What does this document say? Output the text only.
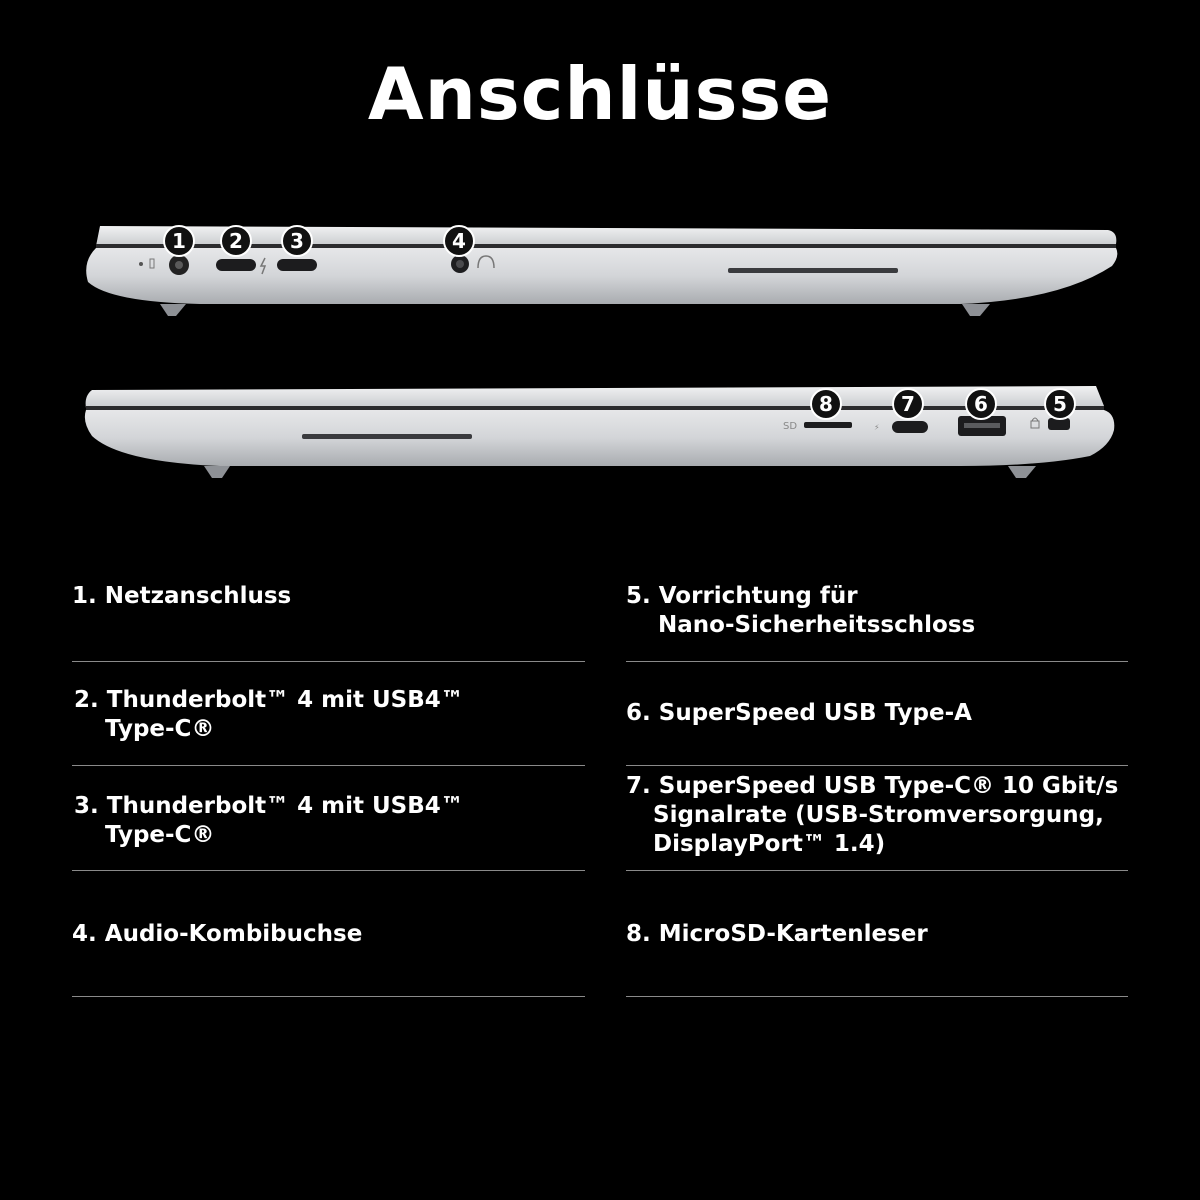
Anschlüsse
1 2 3	4
SD	⚡
8	7	6	5
1. Netzanschluss
2. Thunderbolt™ 4 mit USB4™
Type-C®
3. Thunderbolt™ 4 mit USB4™
Type-C®
4. Audio-Kombibuchse
5. Vorrichtung für
Nano-Sicherheitsschloss
6. SuperSpeed USB Type-A
7. SuperSpeed USB Type-C® 10 Gbit/s
Signalrate (USB-Stromversorgung,
DisplayPort™ 1.4)
8. MicroSD-Kartenleser
